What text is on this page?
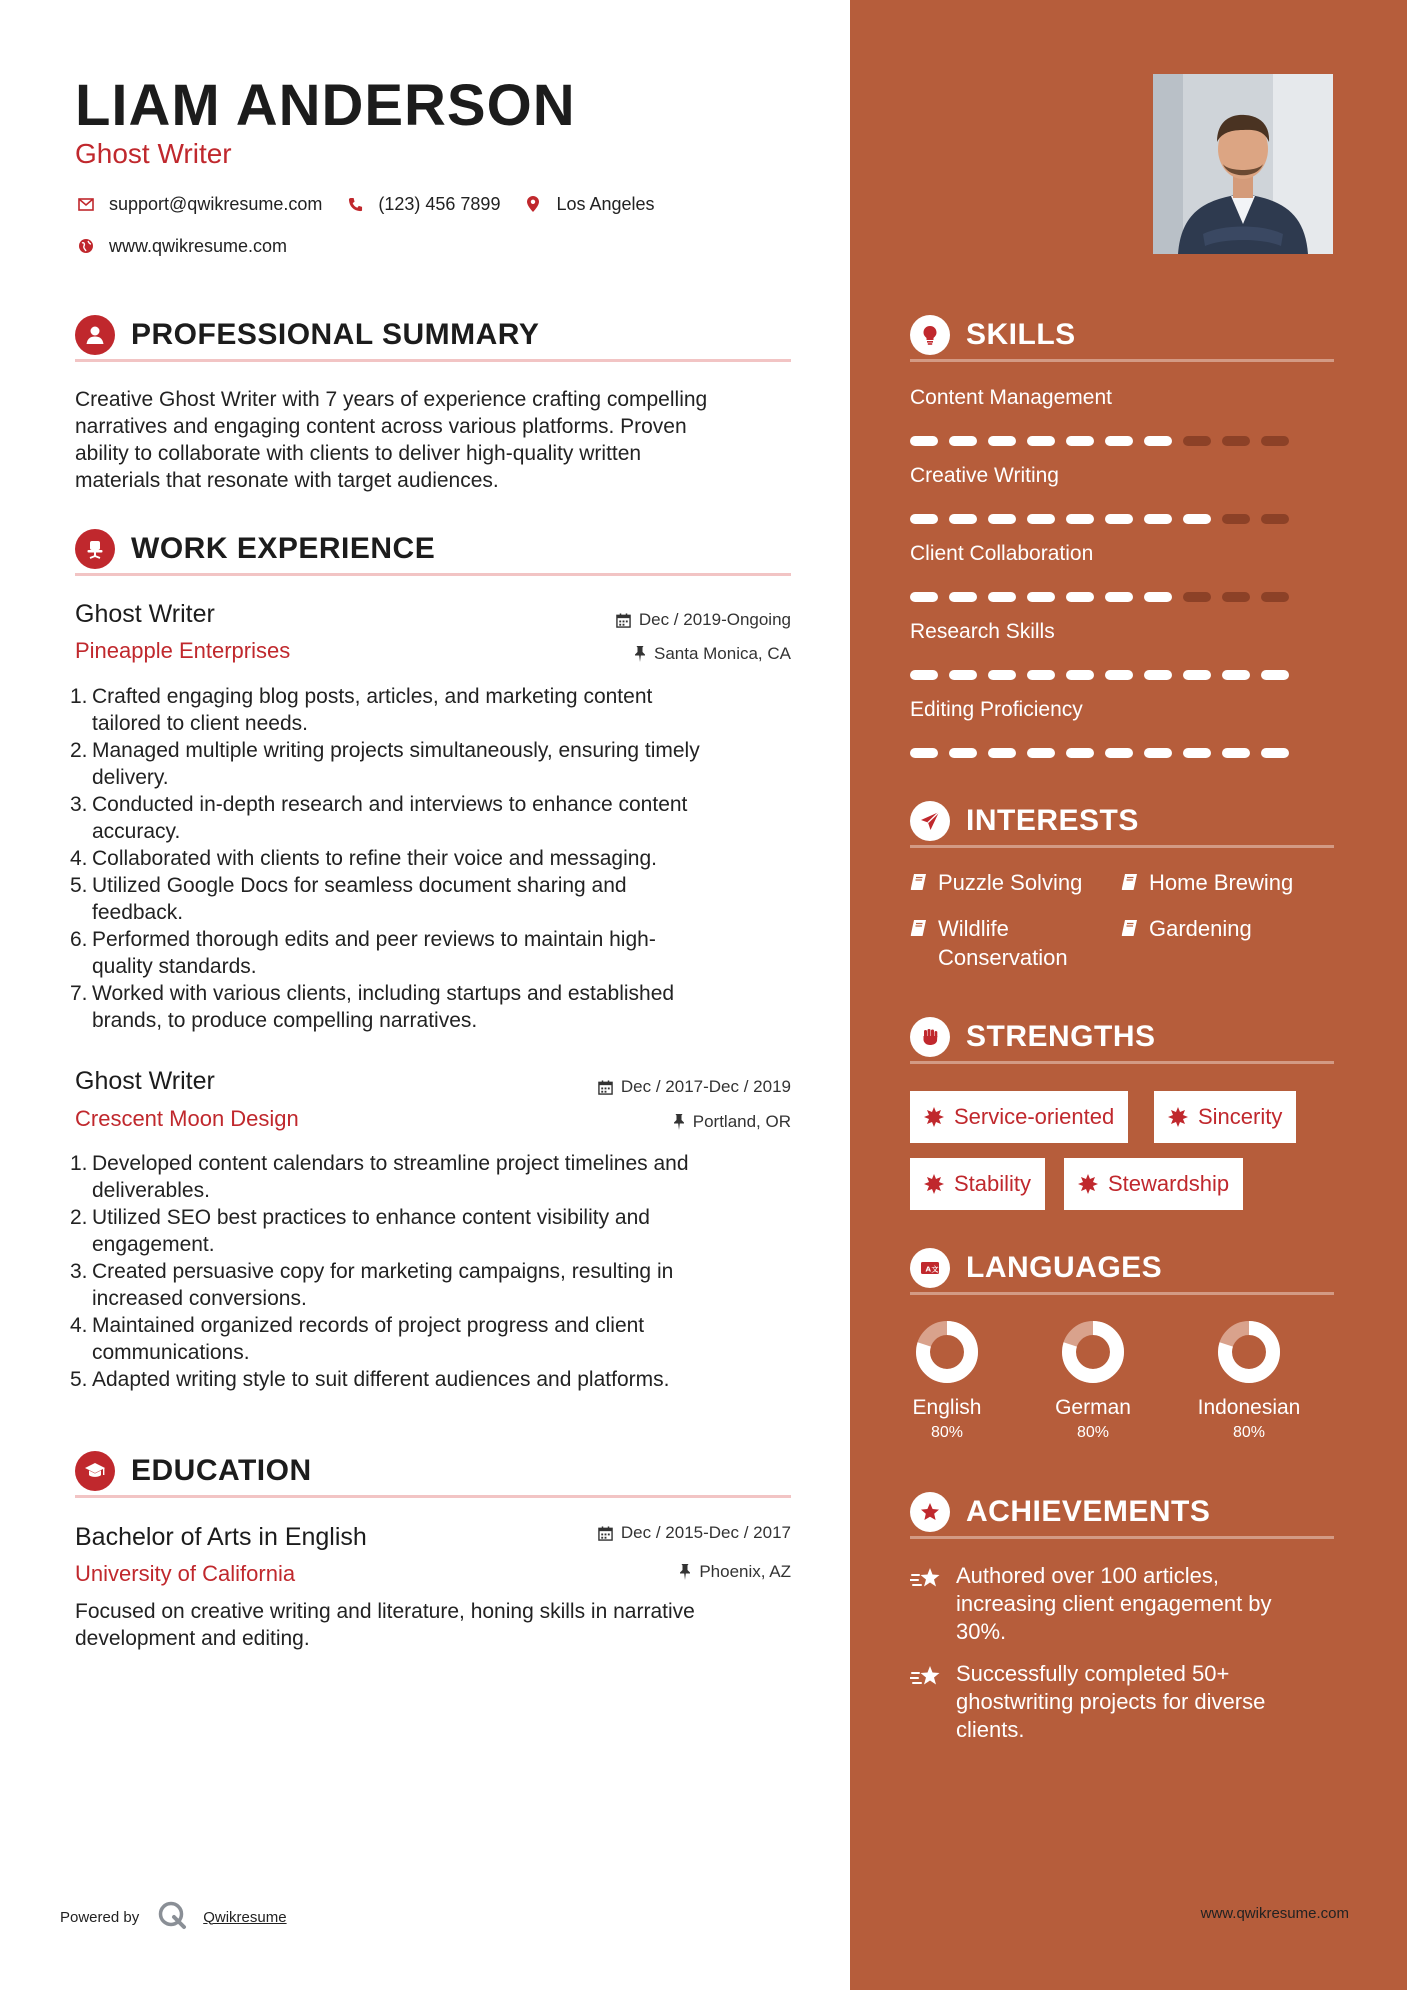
LIAM ANDERSON
Ghost Writer
support@qwikresume.com	(123) 456 7899	Los Angeles
www.qwikresume.com
PROFESSIONAL SUMMARY
Creative Ghost Writer with 7 years of experience crafting compelling
narratives and engaging content across various platforms. Proven
ability to collaborate with clients to deliver high-quality written
materials that resonate with target audiences.
WORK EXPERIENCE
Ghost Writer	Dec / 2019-Ongoing
Pineapple Enterprises	Santa Monica, CA
1. Crafted engaging blog posts, articles, and marketing content
tailored to client needs.
2. Managed multiple writing projects simultaneously, ensuring timely
delivery.
3. Conducted in-depth research and interviews to enhance content
accuracy.
4. Collaborated with clients to refine their voice and messaging.
5. Utilized Google Docs for seamless document sharing and
feedback.
6. Performed thorough edits and peer reviews to maintain high-
quality standards.
7. Worked with various clients, including startups and established
brands, to produce compelling narratives.
Ghost Writer	Dec / 2017-Dec / 2019
Crescent Moon Design	Portland, OR
1. Developed content calendars to streamline project timelines and
deliverables.
2. Utilized SEO best practices to enhance content visibility and
engagement.
3. Created persuasive copy for marketing campaigns, resulting in
increased conversions.
4. Maintained organized records of project progress and client
communications.
5. Adapted writing style to suit different audiences and platforms.
EDUCATION
Bachelor of Arts in English	Dec / 2015-Dec / 2017
University of California	Phoenix, AZ
Focused on creative writing and literature, honing skills in narrative
development and editing.
Powered by	Qwikresume
SKILLS
Content Management
Creative Writing
Client Collaboration
Research Skills
Editing Proficiency
INTERESTS
Puzzle Solving	Home Brewing
Wildlife
Conservation
Gardening
STRENGTHS
Service-oriented	Sincerity
Stability	Stewardship
A 文 LANGUAGES
English
80%
German
80%
Indonesian
80%
ACHIEVEMENTS
Authored over 100 articles,
increasing client engagement by
30%.
Successfully completed 50+
ghostwriting projects for diverse
clients.
www.qwikresume.com
